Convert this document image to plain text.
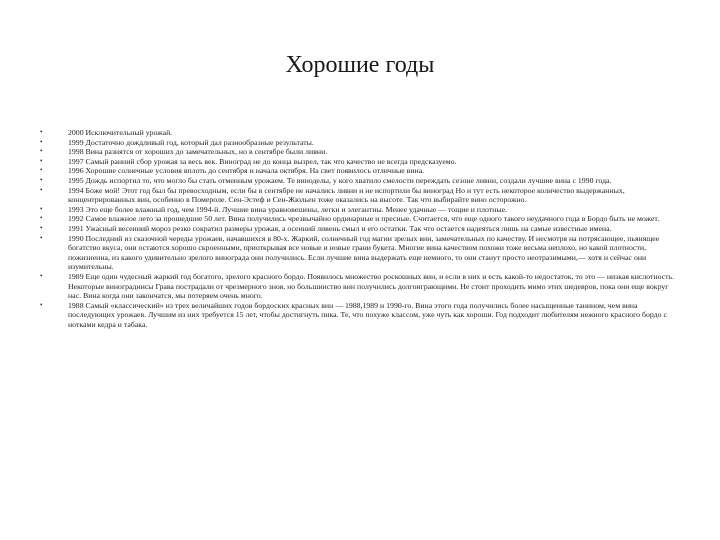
Хорошие годы
•	2000 Исключительный урожай.
•	1999 Достаточно дождливый год, который дал разнообразные результаты.
•	1998 Вина разнятся от хороших до замечательных, но в сентябре были ливни.
•	1997 Самый ранний сбор урожая за весь век. Виноград не до конца вызрел, так что качество не всегда предсказуемо.
•	1996 Хорошие солнечные условия вплоть до сентября и начала октября. На свет появилось отличные вина.
•	1995 Дождь испортил то, что могло бы стать отменным урожаем. Те виноделы, у кого хватило смелости переждать сезоне ливни, создали лучшие вина с 1990 года.
•	1994 Боже мой! Этот год был бы превосходным, если бы в сентябре не начались ливни и не испортили бы виноград Но и тут есть некоторое количество выдержанных, концентрированных вин, особенно в Помероле. Сен-Эстеф и Сен-Жюльен тоже оказались на высоте. Так что выбирайте вино осторожно.
•	1993 Это еще более влажный год, чем 1994-й. Лучшие вина уравновешены, легки и элегантны. Менее удачные — тощие и плотные.
•	1992 Самое влажное лето за прошедшие 50 лет. Вина получились чрезвычайно ординарные и пресные. Считается, что еще одного такого неудачного года в Бордо быть не может.
•	1991 Ужасный весенний мороз резко сократил размеры урожая, а осенний ливень смыл и его остатки. Так что остается надеяться лишь на самые известные имена.
•	1990 Последний из сказочной череды урожаев, начавшихся в 80-х. Жаркий, солнечный год магии зрелых вин, замечательных по качеству. И несмотря на потрясающее, пьянящее богатство вкуса, они остаются хорошо скроенными, приоткрывая все новые и новые грани букета. Многие вина качеством похожи тоже весьма неплохо, но какой плотности, пожизненна, из какого удивительно зрелого винограда они получились. Если лучшие вина выдержать еще немного, то они станут просто неотразимыми,— хотя и сейчас они изумительны.
•	1989 Еще один чудесный жаркий год богатого, зрелого красного бордо. Появилось множество роскошных вин, и если в них и есть какой-то недостаток, то это — низкая кислотность. Некоторые винограднисы Грава пострадали от чрезмерного зноя, но большинство вин получились долгоиграющими. Не стоит проходить мимо этих шедевров, пока они еще вокруг нас. Вина когда они закончатся, мы потеряем очень много.
•	1988 Самый «классический» из трех величайших годов бордоских красных вин — 1988,1989 и 1990-го. Вина этого года получились более насыщенные танином, чем вина последующих урожаев. Лучшим из них требуется 15 лет, чтобы достигнуть пика. Те, что похуже классом, уже чуть как хороши. Год подходит любителям нежного красного бордо с нотками кедра и табака.
